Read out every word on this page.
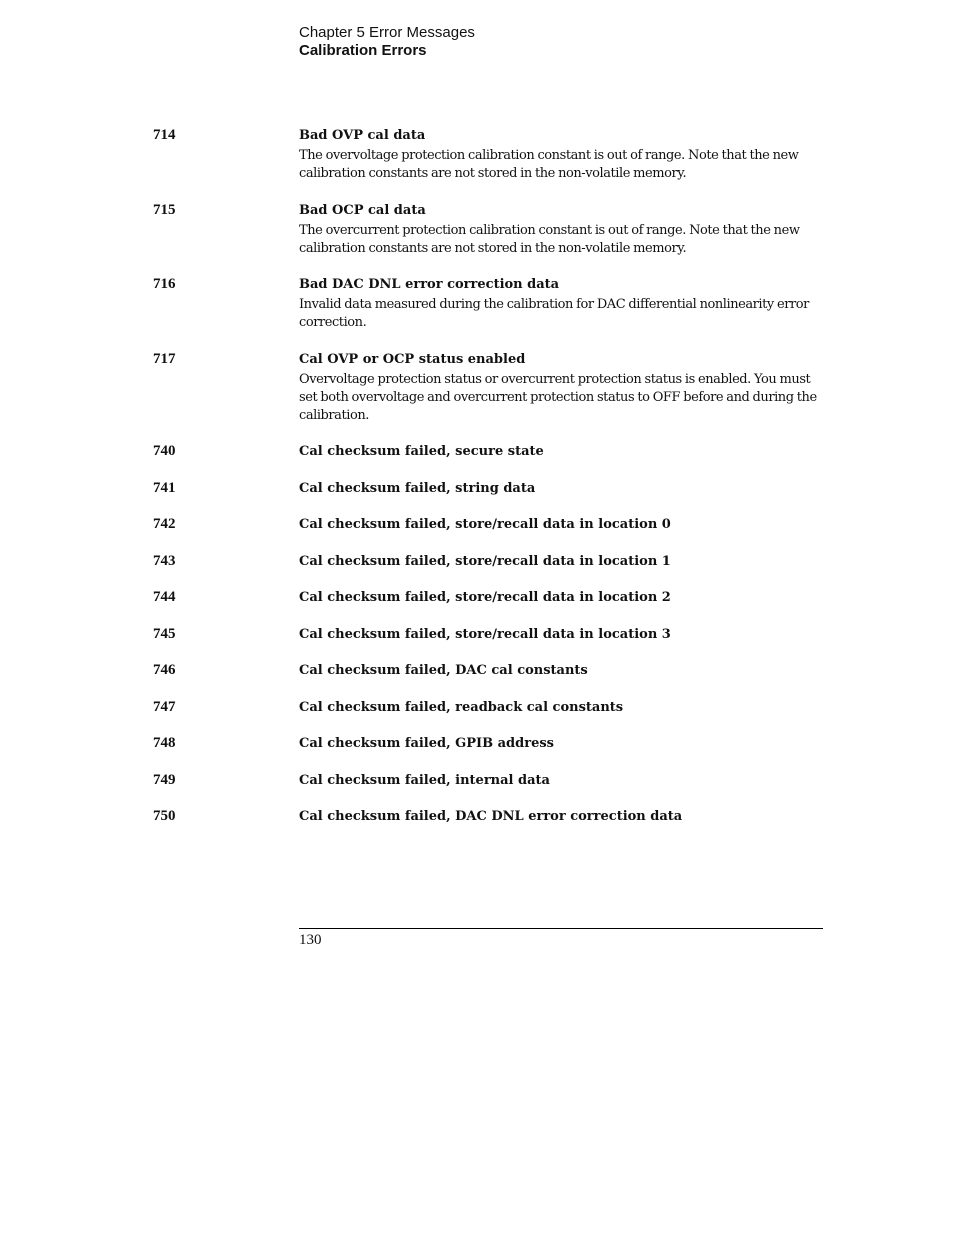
Chapter 5 Error Messages
Calibration Errors
714	Bad OVP cal data
The overvoltage protection calibration constant is out of range. Note that the new calibration constants are not stored in the non-volatile memory.
715	Bad OCP cal data
The overcurrent protection calibration constant is out of range. Note that the new calibration constants are not stored in the non-volatile memory.
716	Bad DAC DNL error correction data
Invalid data measured during the calibration for DAC differential nonlinearity error correction.
717	Cal OVP or OCP status enabled
Overvoltage protection status or overcurrent protection status is enabled. You must set both overvoltage and overcurrent protection status to OFF before and during the calibration.
740	Cal checksum failed, secure state
741	Cal checksum failed, string data
742	Cal checksum failed, store/recall data in location 0
743	Cal checksum failed, store/recall data in location 1
744	Cal checksum failed, store/recall data in location 2
745	Cal checksum failed, store/recall data in location 3
746	Cal checksum failed, DAC cal constants
747	Cal checksum failed, readback cal constants
748	Cal checksum failed, GPIB address
749	Cal checksum failed, internal data
750	Cal checksum failed, DAC DNL error correction data
130
